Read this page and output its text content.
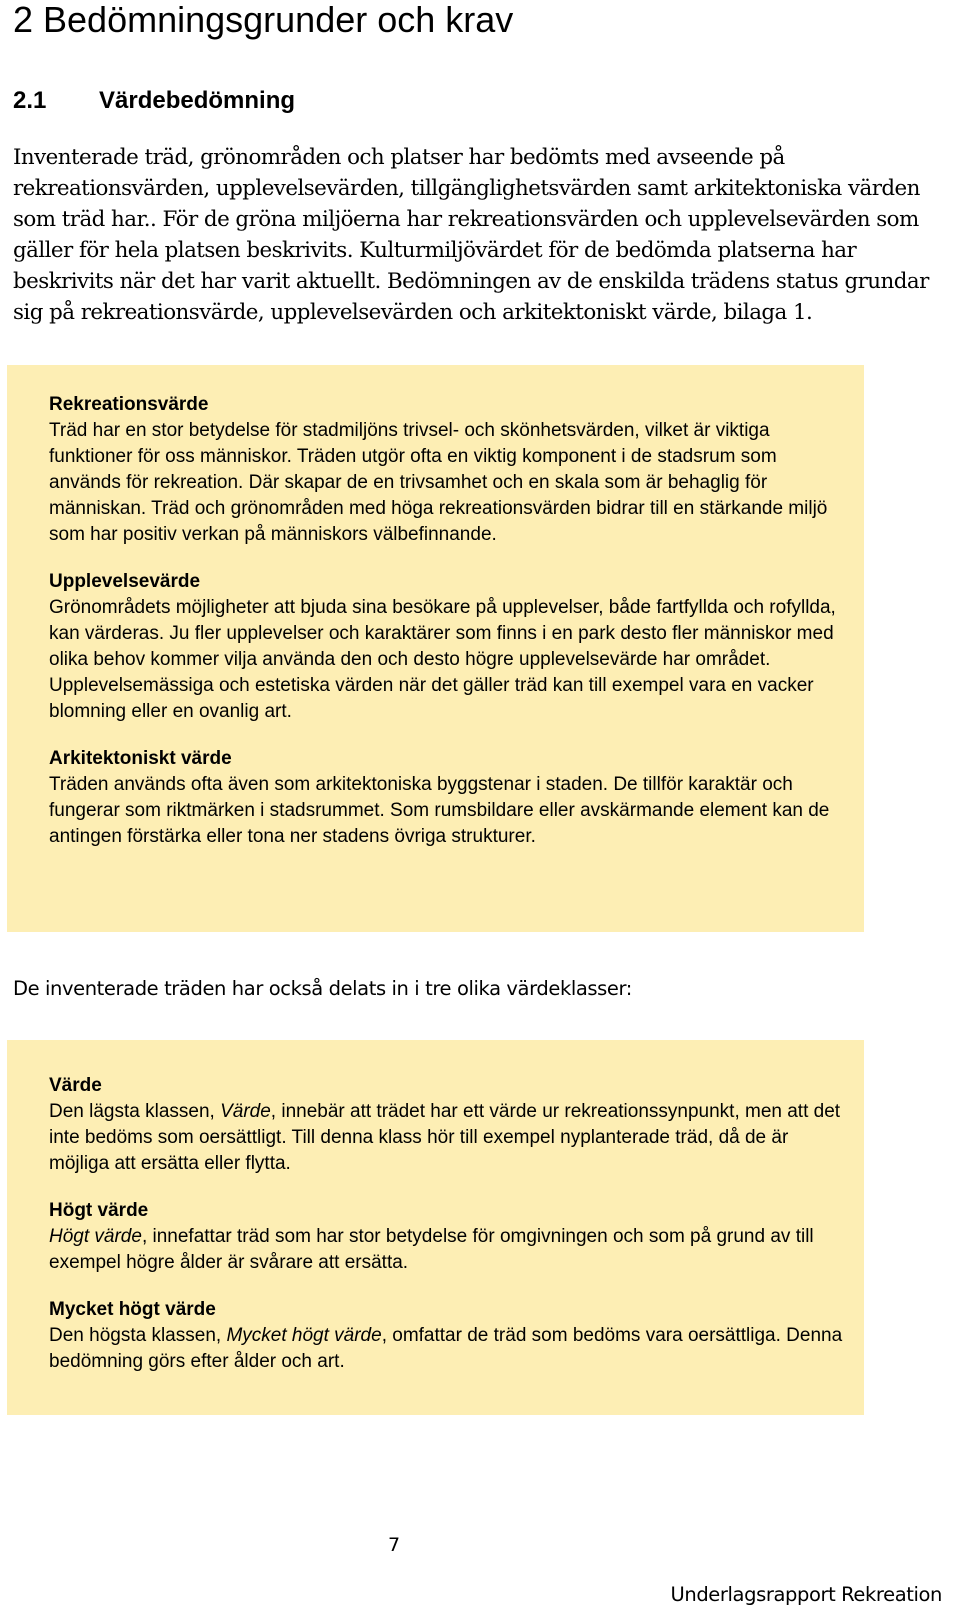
2 Bedömningsgrunder och krav
2.1 Värdebedömning

Inventerade träd, grönområden och platser har bedömts med avseende på rekreationsvärden, upplevelsevärden, tillgänglighetsvärden samt arkitektoniska värden som träd har.. För de gröna miljöerna har rekreationsvärden och upplevelsevärden som gäller för hela platsen beskrivits. Kulturmiljövärdet för de bedömda platserna har beskrivits när det har varit aktuellt. Bedömningen av de enskilda trädens status grundar sig på rekreationsvärde, upplevelsevärden och arkitektoniskt värde, bilaga 1.

Rekreationsvärde

Träd har en stor betydelse för stadmiljöns trivsel- och skönhetsvärden, vilket är viktiga funktioner för oss människor. Träden utgör ofta en viktig komponent i de stadsrum som används för rekreation. Där skapar de en trivsamhet och en skala som är behaglig för människan. Träd och grönområden med höga rekreationsvärden bidrar till en stärkande miljö som har positiv verkan på människors välbefinnande.

Upplevelsevärde

Grönområdets möjligheter att bjuda sina besökare på upplevelser, både fartfyllda och rofyllda, kan värderas. Ju fler upplevelser och karaktärer som finns i en park desto fler människor med olika behov kommer vilja använda den och desto högre upplevelsevärde har området. Upplevelsemässiga och estetiska värden när det gäller träd kan till exempel vara en vacker blomning eller en ovanlig art.

Arkitektoniskt värde

Träden används ofta även som arkitektoniska byggstenar i staden. De tillför karaktär och fungerar som riktmärken i stadsrummet. Som rumsbildare eller avskärmande element kan de antingen förstärka eller tona ner stadens övriga strukturer.

De inventerade träden har också delats in i tre olika värdeklasser:

Värde

Den lägsta klassen, Värde, innebär att trädet har ett värde ur rekreationssynpunkt, men att det inte bedöms som oersättligt. Till denna klass hör till exempel nyplanterade träd, då de är möjliga att ersätta eller flytta.

Högt värde

Högt värde, innefattar träd som har stor betydelse för omgivningen och som på grund av till exempel högre ålder är svårare att ersätta.

Mycket högt värde

Den högsta klassen, Mycket högt värde, omfattar de träd som bedöms vara oersättliga. Denna bedömning görs efter ålder och art.

7
Underlagsrapport Rekreation
